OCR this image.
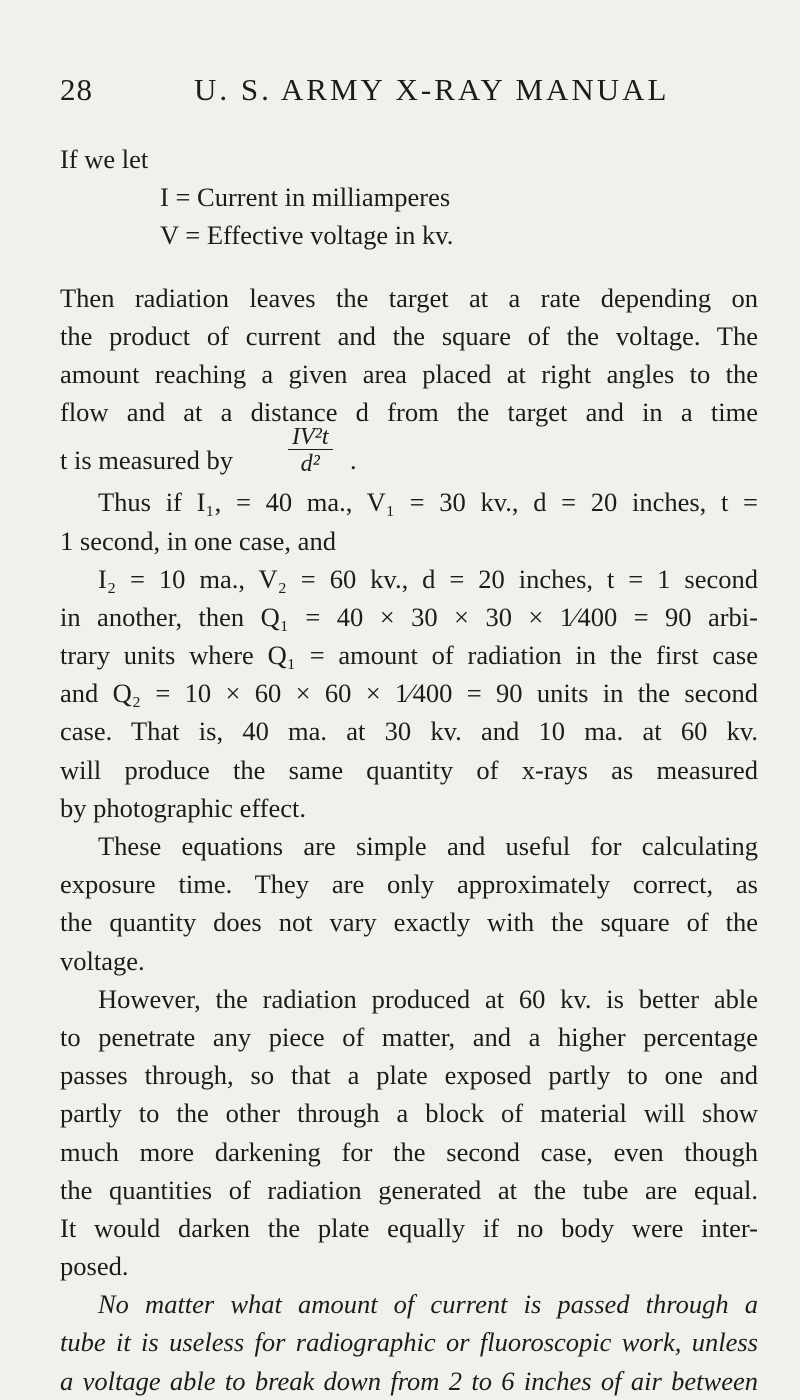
28	U. S. ARMY X-RAY MANUAL
If we let
I = Current in milliamperes
V = Effective voltage in kv.
Then radiation leaves the target at a rate depending on
the product of current and the square of the voltage. The
amount reaching a given area placed at right angles to the
flow and at a distance d from the target and in a time
t is measured by $\frac{\text{IV²t}}{\text{d²}}$ .
Thus if I₁, = 40 ma., V₁ = 30 kv., d = 20 inches, t =
1 second, in one case, and
I₂ = 10 ma., V₂ = 60 kv., d = 20 inches, t = 1 second
in another, then Q₁ = 40 × 30 × 30 × 1⁄400 = 90 arbi-
trary units where Q₁ = amount of radiation in the first case
and Q₂ = 10 × 60 × 60 × 1⁄400 = 90 units in the second
case. That is, 40 ma. at 30 kv. and 10 ma. at 60 kv.
will produce the same quantity of x-rays as measured
by photographic effect.
These equations are simple and useful for calculating
exposure time. They are only approximately correct, as
the quantity does not vary exactly with the square of the
voltage.
However, the radiation produced at 60 kv. is better able
to penetrate any piece of matter, and a higher percentage
passes through, so that a plate exposed partly to one and
partly to the other through a block of material will show
much more darkening for the second case, even though
the quantities of radiation generated at the tube are equal.
It would darken the plate equally if no body were inter-
posed.
No matter what amount of current is passed through a
tube it is useless for radiographic or fluoroscopic work, unless
a voltage able to break down from 2 to 6 inches of air between
